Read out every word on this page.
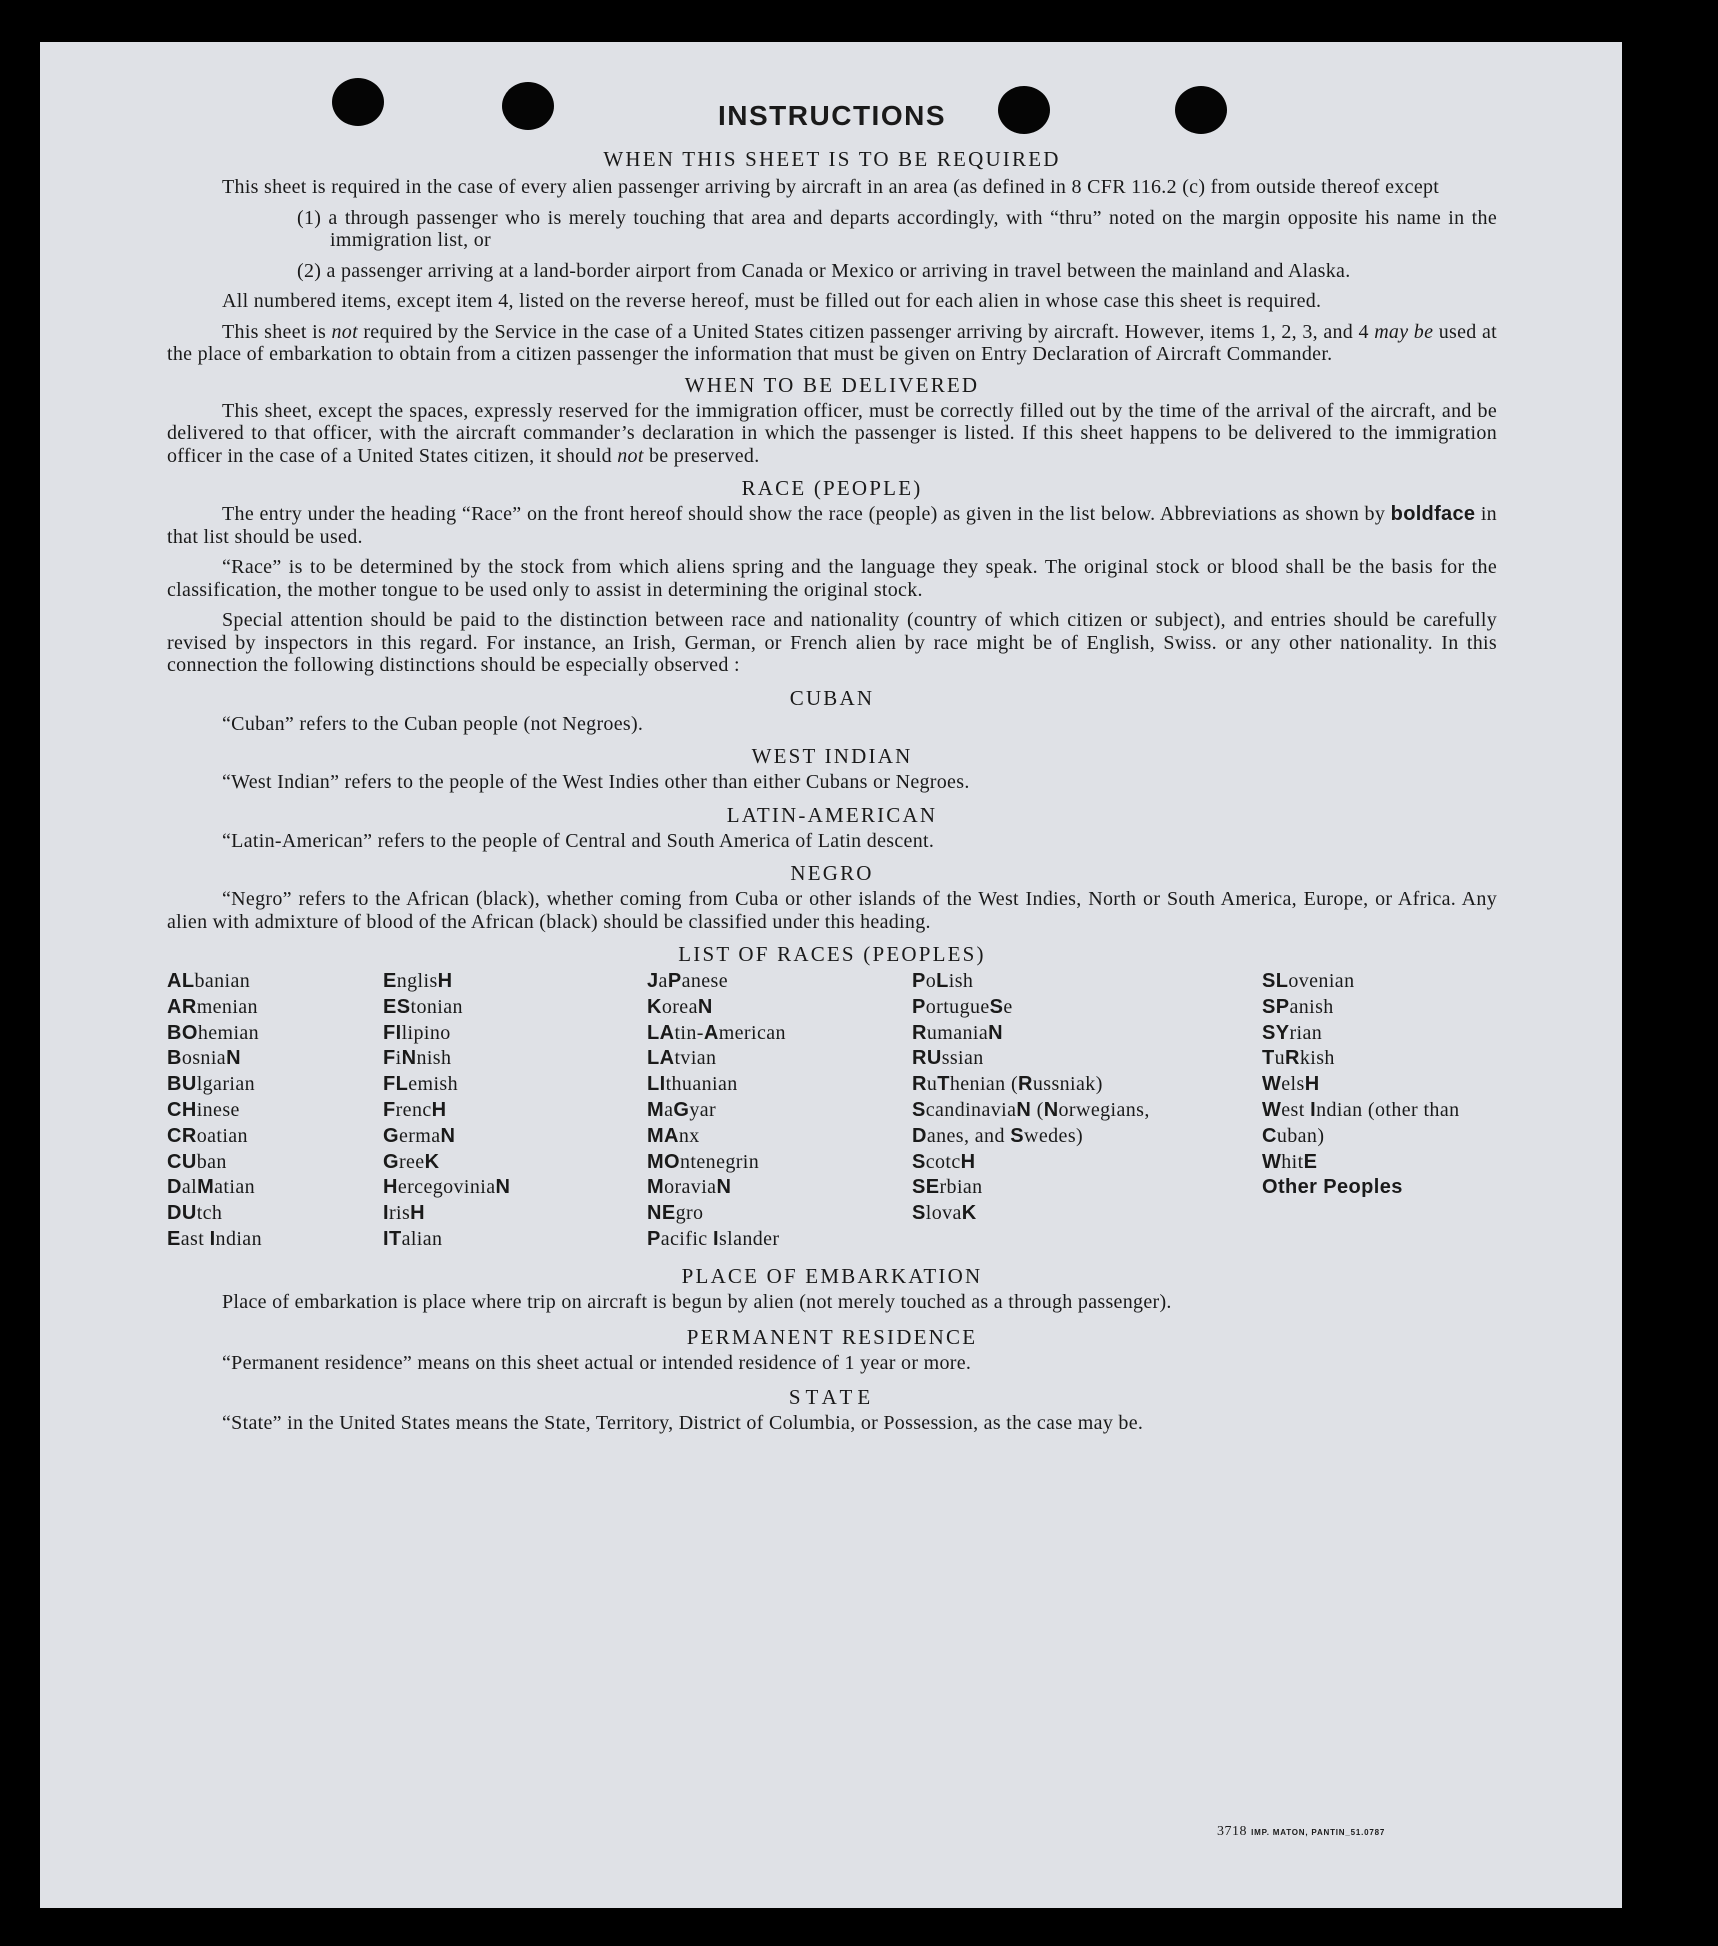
INSTRUCTIONS
WHEN THIS SHEET IS TO BE REQUIRED

This sheet is required in the case of every alien passenger arriving by aircraft in an area (as defined in 8 CFR 116.2 (c) from outside thereof except

(1) a through passenger who is merely touching that area and departs accordingly, with “thru” noted on the margin opposite his name in the immigration list, or

(2) a passenger arriving at a land-border airport from Canada or Mexico or arriving in travel between the mainland and Alaska.

All numbered items, except item 4, listed on the reverse hereof, must be filled out for each alien in whose case this sheet is required.

This sheet is not required by the Service in the case of a United States citizen passenger arriving by aircraft. However, items 1, 2, 3, and 4 may be used at the place of embarkation to obtain from a citizen passenger the information that must be given on Entry Declaration of Aircraft Commander.

WHEN TO BE DELIVERED

This sheet, except the spaces, expressly reserved for the immigration officer, must be correctly filled out by the time of the arrival of the aircraft, and be delivered to that officer, with the aircraft commander’s declaration in which the passenger is listed. If this sheet happens to be delivered to the immigration officer in the case of a United States citizen, it should not be preserved.

RACE (PEOPLE)

The entry under the heading “Race” on the front hereof should show the race (people) as given in the list below. Abbreviations as shown by boldface in that list should be used.

“Race” is to be determined by the stock from which aliens spring and the language they speak. The original stock or blood shall be the basis for the classification, the mother tongue to be used only to assist in determining the original stock.

Special attention should be paid to the distinction between race and nationality (country of which citizen or subject), and entries should be carefully revised by inspectors in this regard. For instance, an Irish, German, or French alien by race might be of English, Swiss. or any other nationality. In this connection the following distinctions should be especially observed :

CUBAN

“Cuban” refers to the Cuban people (not Negroes).

WEST INDIAN

“West Indian” refers to the people of the West Indies other than either Cubans or Negroes.

LATIN-AMERICAN

“Latin-American” refers to the people of Central and South America of Latin descent.

NEGRO

“Negro” refers to the African (black), whether coming from Cuba or other islands of the West Indies, North or South America, Europe, or Africa. Any alien with admixture of blood of the African (black) should be classified under this heading.

LIST OF RACES (PEOPLES)
ALbanian
ARmenian
BOhemian
BosniaN
BUlgarian
CHinese
CRoatian
CUban
DalMatian
DUtch
East Indian
EnglisH
EStonian
FIlipino
FiNnish
FLemish
FrencH
GermaN
GreeK
HercegoviniaN
IrisH
ITalian
JaPanese
KoreaN
LAtin-American
LAtvian
LIthuanian
MaGyar
MAnx
MOntenegrin
MoraviaN
NEgro
Pacific Islander
PoLish
PortugueSe
RumaniaN
RUssian
RuThenian (Russniak)
ScandinaviaN (Norwegians, Danes, and Swedes)
ScotcH
SErbian
SlovaK
SLovenian
SPanish
SYrian
TuRkish
WelsH
West Indian (other than Cuban)
WhitE
Other Peoples
PLACE OF EMBARKATION

Place of embarkation is place where trip on aircraft is begun by alien (not merely touched as a through passenger).

PERMANENT RESIDENCE

“Permanent residence” means on this sheet actual or intended residence of 1 year or more.

STATE

“State” in the United States means the State, Territory, District of Columbia, or Possession, as the case may be.

3718 IMP. MATON, PANTIN_51.0787
